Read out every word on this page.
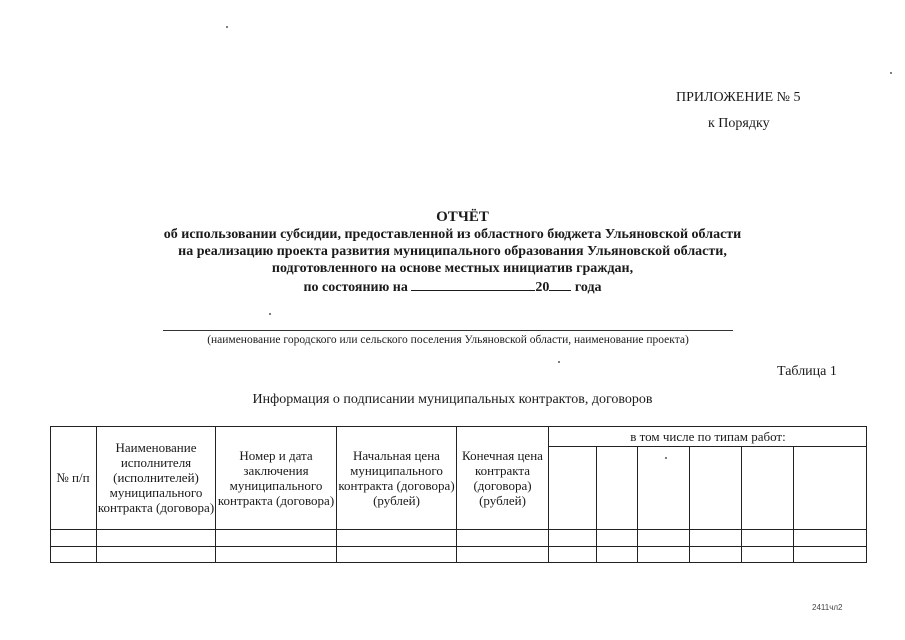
ПРИЛОЖЕНИЕ № 5
к Порядку
ОТЧЁТ
об использовании субсидии, предоставленной из областного бюджета Ульяновской области
на реализацию проекта развития муниципального образования Ульяновской области,
подготовленного на основе местных инициатив граждан,
по состоянию на	20 года
(наименование городского или сельского поселения Ульяновской области, наименование проекта)
Таблица 1
Информация о подписании муниципальных контрактов, договоров
№ п/п
Наименование исполнителя (исполнителей) муниципального контракта (договора)
Номер и дата заключения муниципального контракта (договора)
Начальная цена муниципального контракта (договора) (рублей)
Конечная цена контракта (договора) (рублей)
в том числе по типам работ:
2411чл2
